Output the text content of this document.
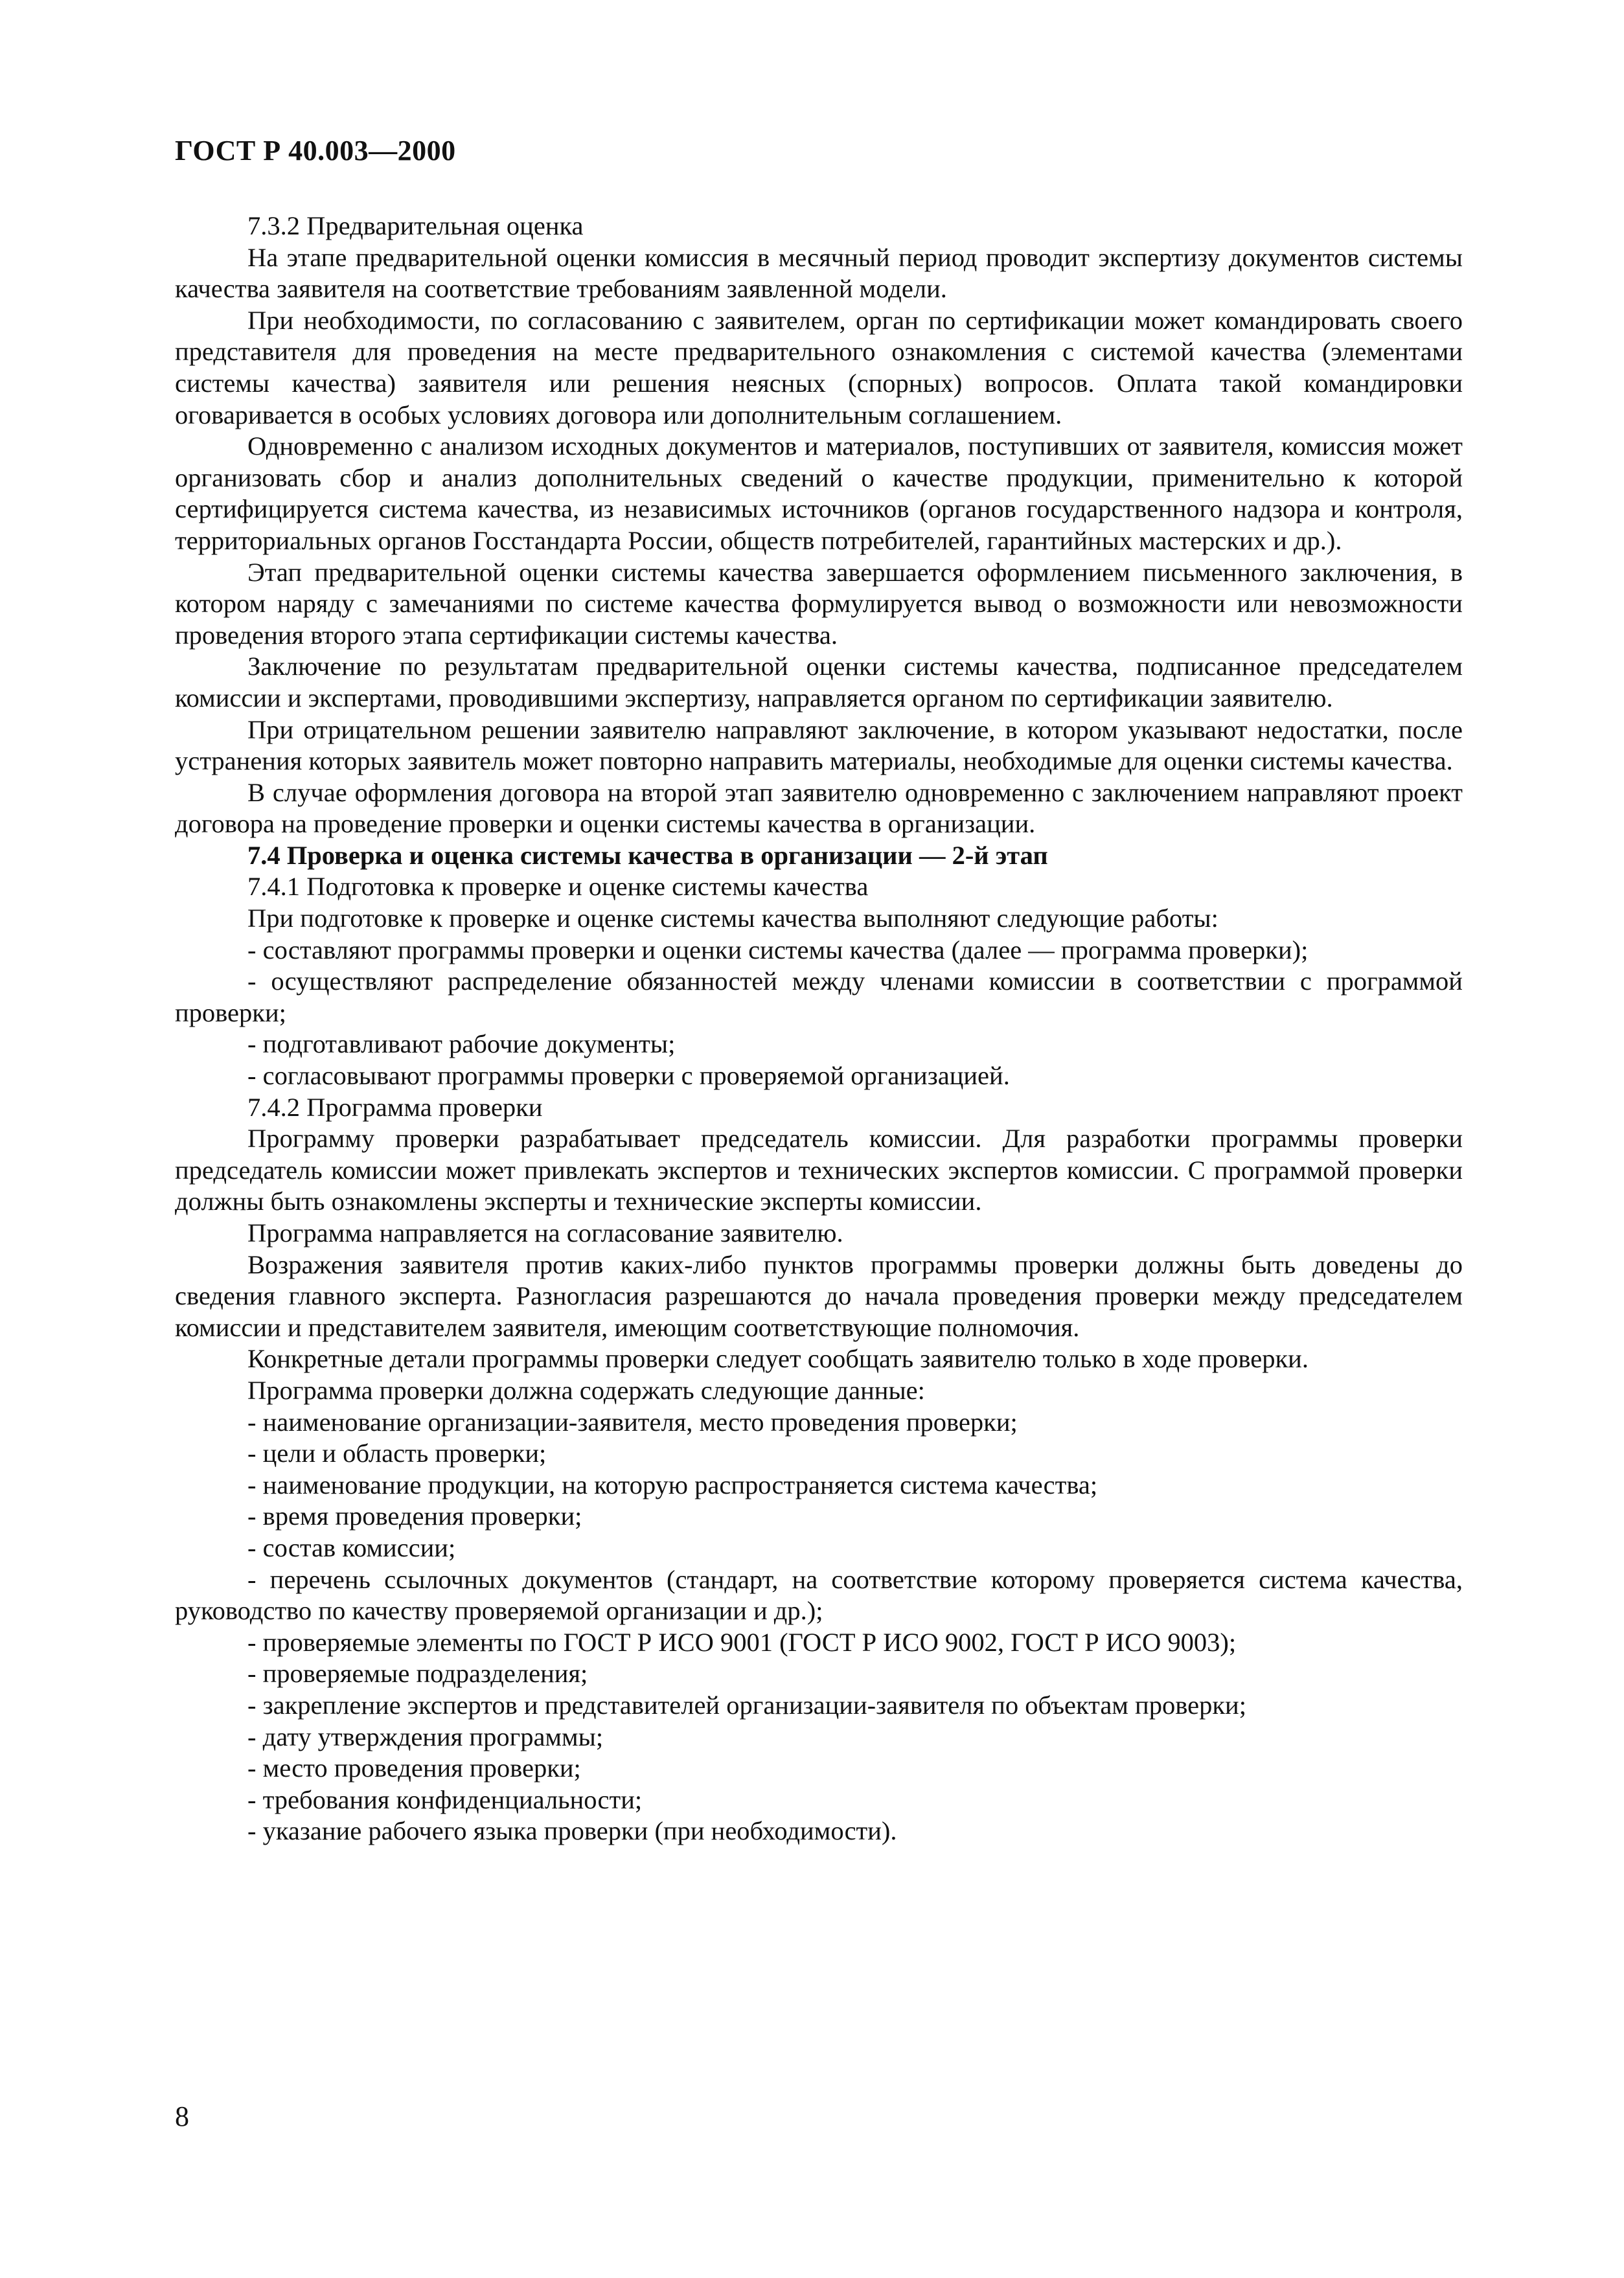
ГОСТ Р 40.003—2000

7.3.2 Предварительная оценка

На этапе предварительной оценки комиссия в месячный период проводит экспертизу документов системы качества заявителя на соответствие требованиям заявленной модели.

При необходимости, по согласованию с заявителем, орган по сертификации может командировать своего представителя для проведения на месте предварительного ознакомления с системой качества (элементами системы качества) заявителя или решения неясных (спорных) вопросов. Оплата такой командировки оговаривается в особых условиях договора или дополнительным соглашением.

Одновременно с анализом исходных документов и материалов, поступивших от заявителя, комиссия может организовать сбор и анализ дополнительных сведений о качестве продукции, применительно к которой сертифицируется система качества, из независимых источников (органов государственного надзора и контроля, территориальных органов Госстандарта России, обществ потребителей, гарантийных мастерских и др.).

Этап предварительной оценки системы качества завершается оформлением письменного заключения, в котором наряду с замечаниями по системе качества формулируется вывод о возможности или невозможности проведения второго этапа сертификации системы качества.

Заключение по результатам предварительной оценки системы качества, подписанное председателем комиссии и экспертами, проводившими экспертизу, направляется органом по сертификации заявителю.

При отрицательном решении заявителю направляют заключение, в котором указывают недостатки, после устранения которых заявитель может повторно направить материалы, необходимые для оценки системы качества.

В случае оформления договора на второй этап заявителю одновременно с заключением направляют проект договора на проведение проверки и оценки системы качества в организации.

7.4 Проверка и оценка системы качества в организации — 2-й этап

7.4.1 Подготовка к проверке и оценке системы качества

При подготовке к проверке и оценке системы качества выполняют следующие работы:

- составляют программы проверки и оценки системы качества (далее — программа проверки);

- осуществляют распределение обязанностей между членами комиссии в соответствии с программой проверки;

- подготавливают рабочие документы;

- согласовывают программы проверки с проверяемой организацией.

7.4.2 Программа проверки

Программу проверки разрабатывает председатель комиссии. Для разработки программы проверки председатель комиссии может привлекать экспертов и технических экспертов комиссии. С программой проверки должны быть ознакомлены эксперты и технические эксперты комиссии.

Программа направляется на согласование заявителю.

Возражения заявителя против каких-либо пунктов программы проверки должны быть доведены до сведения главного эксперта. Разногласия разрешаются до начала проведения проверки между председателем комиссии и представителем заявителя, имеющим соответствующие полномочия.

Конкретные детали программы проверки следует сообщать заявителю только в ходе проверки.

Программа проверки должна содержать следующие данные:

- наименование организации-заявителя, место проведения проверки;

- цели и область проверки;

- наименование продукции, на которую распространяется система качества;

- время проведения проверки;

- состав комиссии;

- перечень ссылочных документов (стандарт, на соответствие которому проверяется система качества, руководство по качеству проверяемой организации и др.);

- проверяемые элементы по ГОСТ Р ИСО 9001 (ГОСТ Р ИСО 9002, ГОСТ Р ИСО 9003);

- проверяемые подразделения;

- закрепление экспертов и представителей организации-заявителя по объектам проверки;

- дату утверждения программы;

- место проведения проверки;

- требования конфиденциальности;

- указание рабочего языка проверки (при необходимости).

8
